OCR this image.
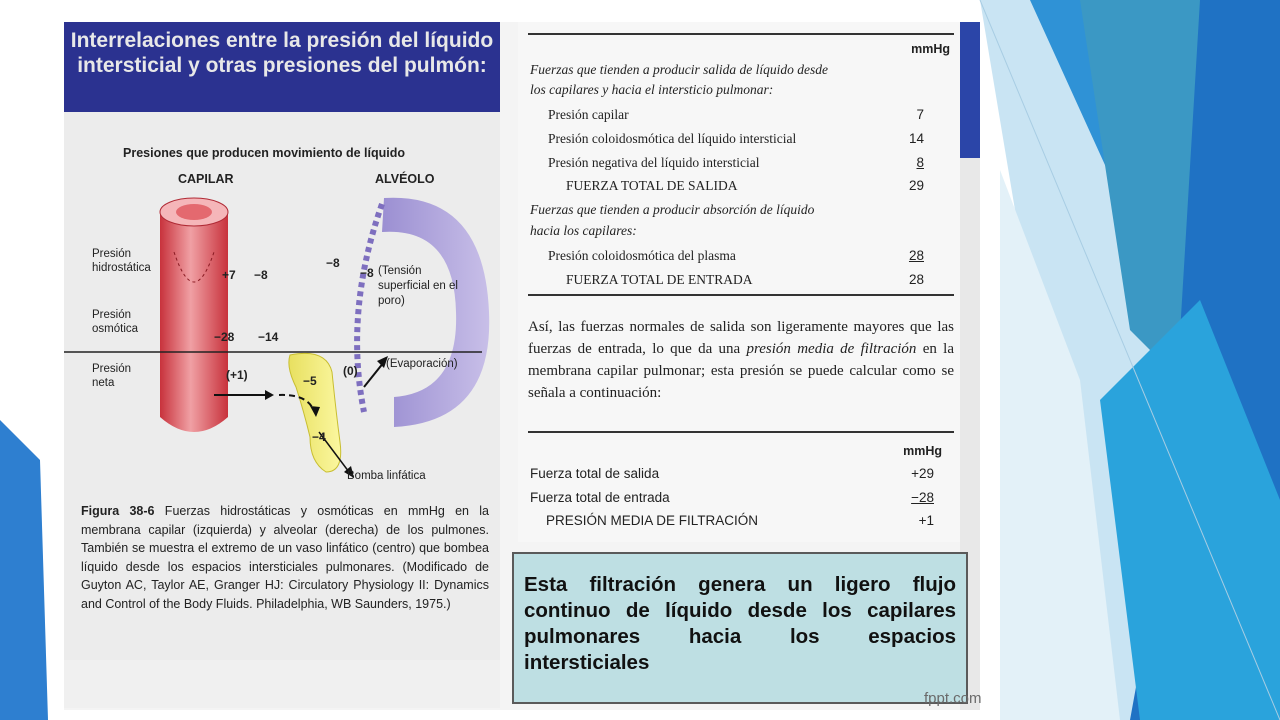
Interrelaciones entre la presión del líquido intersticial y otras presiones del pulmón:
Presiones que producen movimiento de líquido
CAPILAR	ALVÉOLO
Presión hidrostática
Presión osmótica
Presión neta
+7 −8
−8
−8 (Tensión superficial en el poro)
−28 −14
(+1)	−5
−4
(0) (Evaporación)
Bomba linfática
Figura 38-6 Fuerzas hidrostáticas y osmóticas en mmHg en la membrana capilar (izquierda) y alveolar (derecha) de los pulmones. También se muestra el extremo de un vaso linfático (centro) que bombea líquido desde los espacios intersticiales pulmonares. (Modificado de Guyton AC, Taylor AE, Granger HJ: Circulatory Physiology II: Dynamics and Control of the Body Fluids. Philadelphia, WB Saunders, 1975.)
mmHg
Fuerzas que tienden a producir salida de líquido desde
los capilares y hacia el intersticio pulmonar:
Presión capilar	7
Presión coloidosmótica del líquido intersticial	14
Presión negativa del líquido intersticial	8
FUERZA TOTAL DE SALIDA	29
Fuerzas que tienden a producir absorción de líquido
hacia los capilares:
Presión coloidosmótica del plasma	28
FUERZA TOTAL DE ENTRADA	28
Así, las fuerzas normales de salida son ligeramente mayores que las fuerzas de entrada, lo que da una presión media de filtración en la membrana capilar pulmonar; esta presión se puede calcular como se señala a continuación:
mmHg
Fuerza total de salida	+29
Fuerza total de entrada	−28
PRESIÓN MEDIA DE FILTRACIÓN	+1
Esta filtración genera un ligero flujo continuo de líquido desde los capilares pulmonares hacia los espacios intersticiales
fppt.com
